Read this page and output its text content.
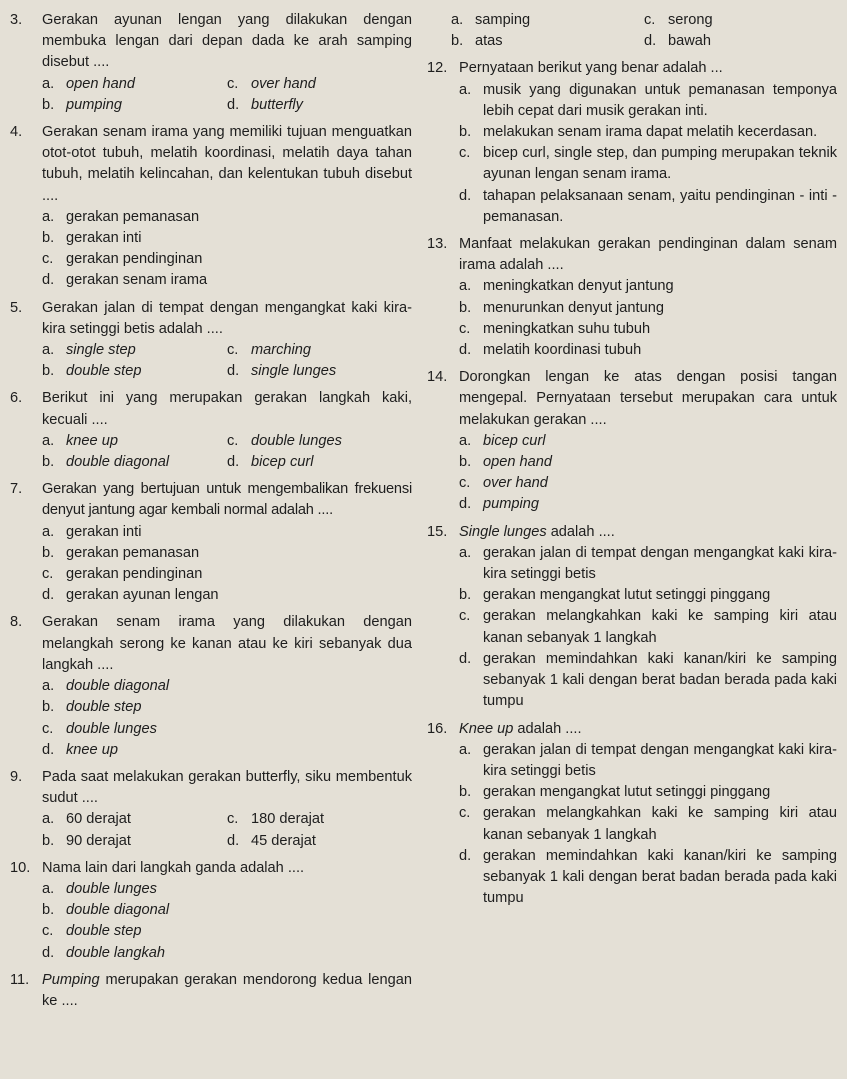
3.	Gerakan ayunan lengan yang dilakukan dengan membuka lengan dari depan dada ke arah samping disebut ....
a. open hand	c. over hand
b. pumping	d. butterfly
4.	Gerakan senam irama yang memiliki tujuan menguatkan otot-otot tubuh, melatih koordinasi, melatih daya tahan tubuh, melatih kelincahan, dan kelentukan tubuh disebut ....
a. gerakan pemanasan
b. gerakan inti
c. gerakan pendinginan
d. gerakan senam irama
5.	Gerakan jalan di tempat dengan mengangkat kaki kira-kira setinggi betis adalah ....
a. single step	c. marching
b. double step	d. single lunges
6.	Berikut ini yang merupakan gerakan langkah kaki, kecuali ....
a. knee up	c. double lunges
b. double diagonal	d. bicep curl
7.	Gerakan yang bertujuan untuk mengembalikan frekuensi denyut jantung agar kembali normal adalah ....
a. gerakan inti
b. gerakan pemanasan
c. gerakan pendinginan
d. gerakan ayunan lengan
8.	Gerakan senam irama yang dilakukan dengan melangkah serong ke kanan atau ke kiri sebanyak dua langkah ....
a. double diagonal
b. double step
c. double lunges
d. knee up
9.	Pada saat melakukan gerakan butterfly, siku membentuk sudut ....
a. 60 derajat	c. 180 derajat
b. 90 derajat	d. 45 derajat
10. Nama lain dari langkah ganda adalah ....
a. double lunges
b. double diagonal
c. double step
d. double langkah
11. Pumping merupakan gerakan mendorong kedua lengan ke ....
a. samping	c. serong
b. atas	d. bawah
12. Pernyataan berikut yang benar adalah ...
a. musik yang digunakan untuk pemanasan temponya lebih cepat dari musik gerakan inti.
b. melakukan senam irama dapat melatih kecerdasan.
c. bicep curl, single step, dan pumping merupakan teknik ayunan lengan senam irama.
d. tahapan pelaksanaan senam, yaitu pendinginan - inti - pemanasan.
13. Manfaat melakukan gerakan pendinginan dalam senam irama adalah ....
a. meningkatkan denyut jantung
b. menurunkan denyut jantung
c. meningkatkan suhu tubuh
d. melatih koordinasi tubuh
14. Dorongkan lengan ke atas dengan posisi tangan mengepal. Pernyataan tersebut merupakan cara untuk melakukan gerakan ....
a. bicep curl
b. open hand
c. over hand
d. pumping
15. Single lunges adalah ....
a. gerakan jalan di tempat dengan mengangkat kaki kira-kira setinggi betis
b. gerakan mengangkat lutut setinggi pinggang
c. gerakan melangkahkan kaki ke samping kiri atau kanan sebanyak 1 langkah
d. gerakan memindahkan kaki kanan/kiri ke samping sebanyak 1 kali dengan berat badan berada pada kaki tumpu
16. Knee up adalah ....
a. gerakan jalan di tempat dengan mengangkat kaki kira-kira setinggi betis
b. gerakan mengangkat lutut setinggi pinggang
c. gerakan melangkahkan kaki ke samping kiri atau kanan sebanyak 1 langkah
d. gerakan memindahkan kaki kanan/kiri ke samping sebanyak 1 kali dengan berat badan berada pada kaki tumpu
